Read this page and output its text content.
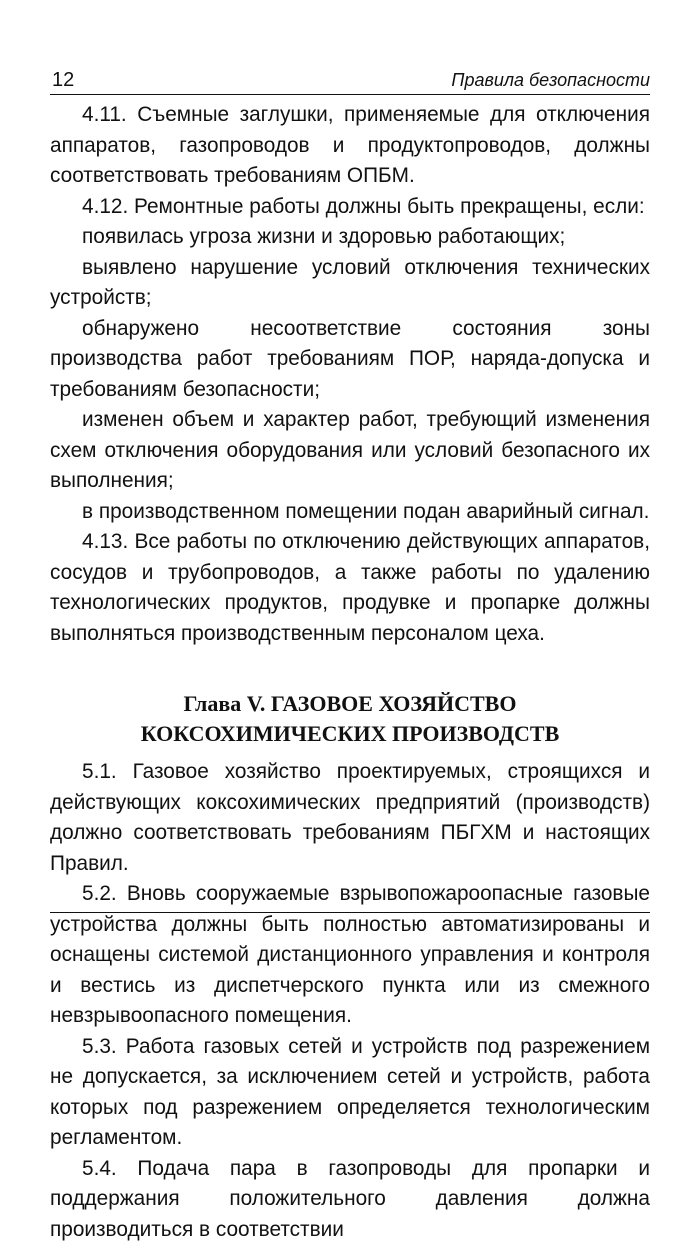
12	Правила безопасности

4.11. Съемные заглушки, применяемые для отключения аппаратов, газопроводов и продуктопроводов, должны соответствовать требованиям ОПБМ.

4.12. Ремонтные работы должны быть прекращены, если:

появилась угроза жизни и здоровью работающих;

выявлено нарушение условий отключения технических устройств;

обнаружено несоответствие состояния зоны производства работ требованиям ПОР, наряда-допуска и требованиям безопасности;

изменен объем и характер работ, требующий изменения схем отключения оборудования или условий безопасного их выполнения;

в производственном помещении подан аварийный сигнал.

4.13. Все работы по отключению действующих аппаратов, сосудов и трубопроводов, а также работы по удалению технологических продуктов, продувке и пропарке должны выполняться производственным персоналом цеха.

Глава V. ГАЗОВОЕ ХОЗЯЙСТВО
КОКСОХИМИЧЕСКИХ ПРОИЗВОДСТВ

5.1. Газовое хозяйство проектируемых, строящихся и действующих коксохимических предприятий (производств) должно соответствовать требованиям ПБГХМ и настоящих Правил.

5.2. Вновь сооружаемые взрывопожароопасные газовые устройства должны быть полностью автоматизированы и оснащены системой дистанционного управления и контроля и вестись из диспетчерского пункта или из смежного невзрывоопасного помещения.

5.3. Работа газовых сетей и устройств под разрежением не допускается, за исключением сетей и устройств, работа которых под разрежением определяется технологическим регламентом.

5.4. Подача пара в газопроводы для пропарки и поддержания положительного давления должна производиться в соответствии
